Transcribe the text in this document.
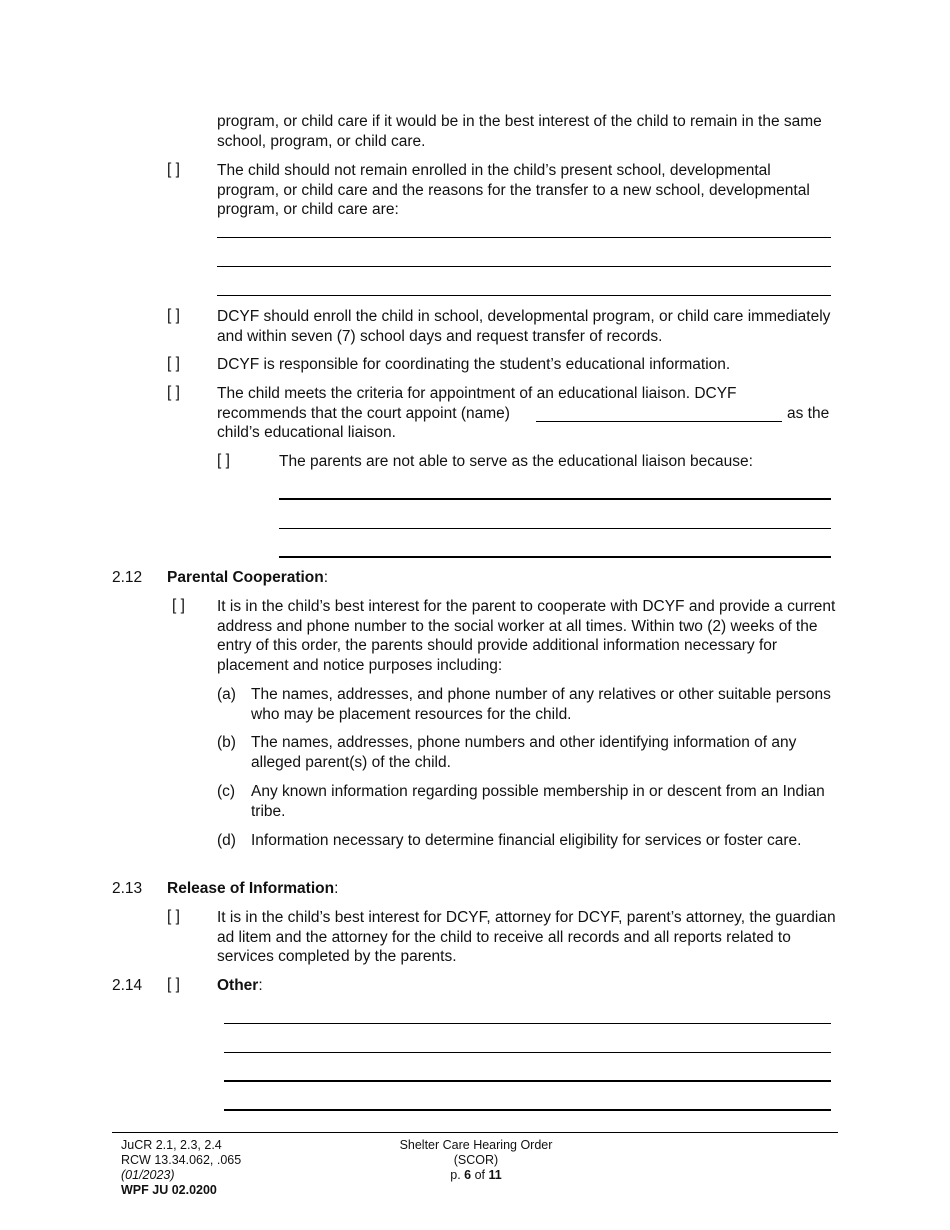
program, or child care if it would be in the best interest of the child to remain in the same school, program, or child care.
[ ] The child should not remain enrolled in the child’s present school, developmental program, or child care and the reasons for the transfer to a new school, developmental program, or child care are:
[ ] DCYF should enroll the child in school, developmental program, or child care immediately and within seven (7) school days and request transfer of records.
[ ] DCYF is responsible for coordinating the student’s educational information.
[ ] The child meets the criteria for appointment of an educational liaison. DCYF recommends that the court appoint (name)	as the
child’s educational liaison.
[ ]	The parents are not able to serve as the educational liaison because:
2.12 Parental Cooperation:
[ ] It is in the child’s best interest for the parent to cooperate with DCYF and provide a current address and phone number to the social worker at all times. Within two (2) weeks of the entry of this order, the parents should provide additional information necessary for placement and notice purposes including:
(a) The names, addresses, and phone number of any relatives or other suitable persons who may be placement resources for the child.
(b) The names, addresses, phone numbers and other identifying information of any alleged parent(s) of the child.
(c) Any known information regarding possible membership in or descent from an Indian tribe.
(d) Information necessary to determine financial eligibility for services or foster care.
2.13 Release of Information:
[ ] It is in the child’s best interest for DCYF, attorney for DCYF, parent’s attorney, the guardian ad litem and the attorney for the child to receive all records and all reports related to services completed by the parents.
2.14 [ ] Other:
JuCR 2.1, 2.3, 2.4
RCW 13.34.062, .065
(01/2023)
WPF JU 02.0200
Shelter Care Hearing Order
(SCOR)
p. 6 of 11
